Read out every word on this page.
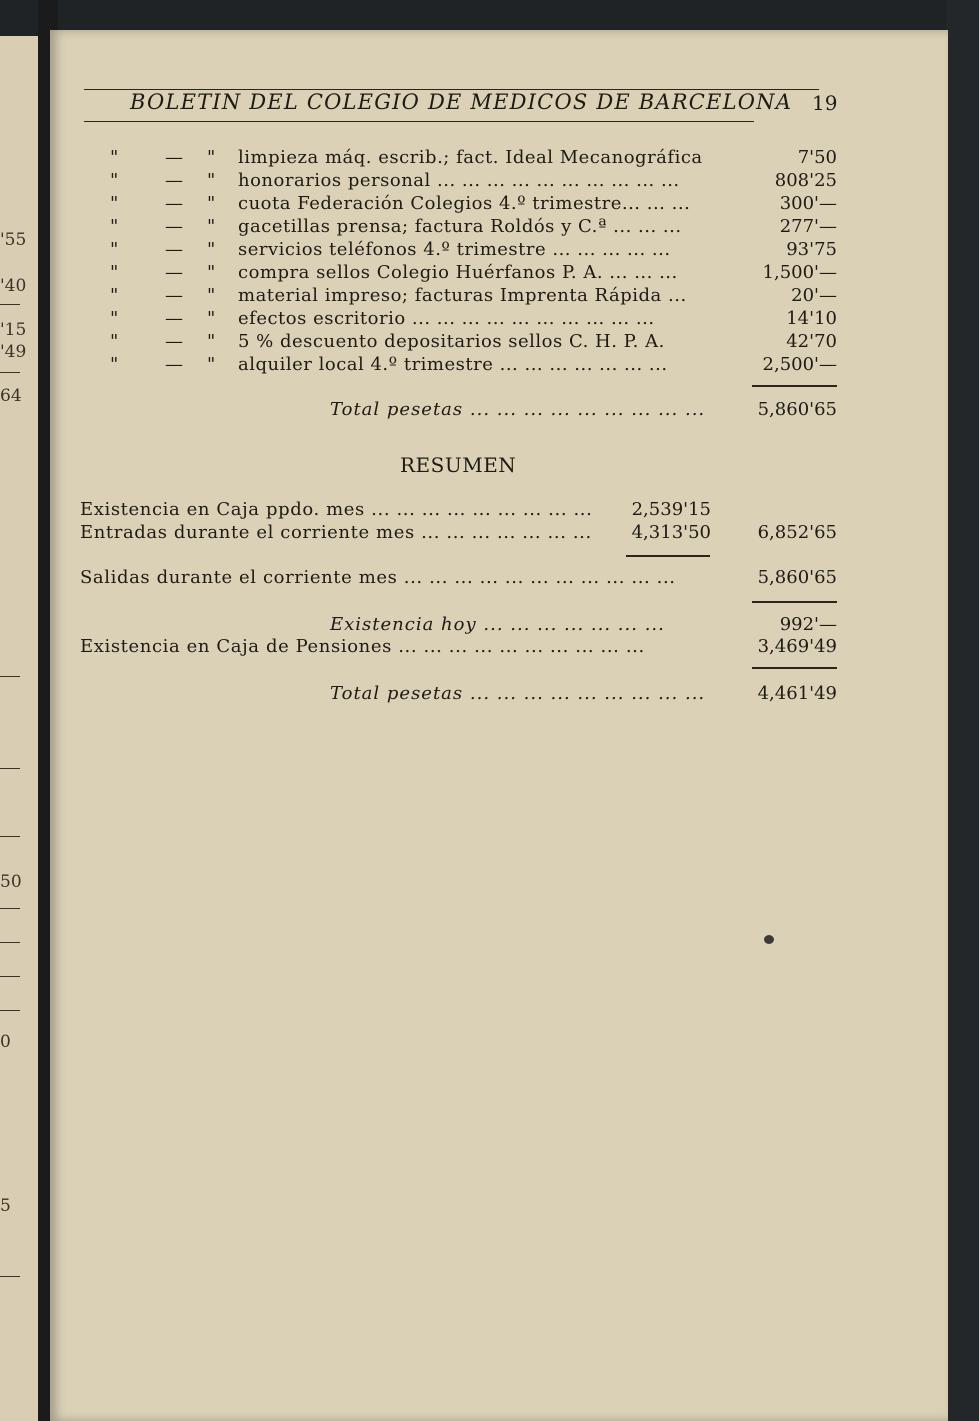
'55
'40
'15
'49
64
50
0
5
BOLETIN DEL COLEGIO DE MEDICOS DE BARCELONA 19
"	— " limpieza máq. escrib.; fact. Ideal Mecanográfica	7'50
"	— " honorarios personal ... ... ... ... ... ... ... ... ... ...	808'25
"	— " cuota Federación Colegios 4.º trimestre... ... ...	300'—
"	— " gacetillas prensa; factura Roldós y C.ª ... ... ...	277'—
"	— " servicios teléfonos 4.º trimestre ... ... ... ... ...	93'75
"	— " compra sellos Colegio Huérfanos P. A. ... ... ...	1,500'—
"	— " material impreso; facturas Imprenta Rápida ...	20'—
"	— " efectos escritorio ... ... ... ... ... ... ... ... ... ...	14'10
"	— " 5 % descuento depositarios sellos C. H. P. A.	42'70
"	— " alquiler local 4.º trimestre ... ... ... ... ... ... ...	2,500'—
Total pesetas ... ... ... ... ... ... ... ... ...	5,860'65
RESUMEN
Existencia en Caja ppdo. mes ... ... ... ... ... ... ... ... ... 2,539'15
Entradas durante el corriente mes ... ... ... ... ... ... ... 4,313'50	6,852'65
Salidas durante el corriente mes ... ... ... ... ... ... ... ... ... ... ...	5,860'65
Existencia hoy ... ... ... ... ... ... ...	992'—
Existencia en Caja de Pensiones ... ... ... ... ... ... ... ... ... ...	3,469'49
Total pesetas ... ... ... ... ... ... ... ... ...	4,461'49
